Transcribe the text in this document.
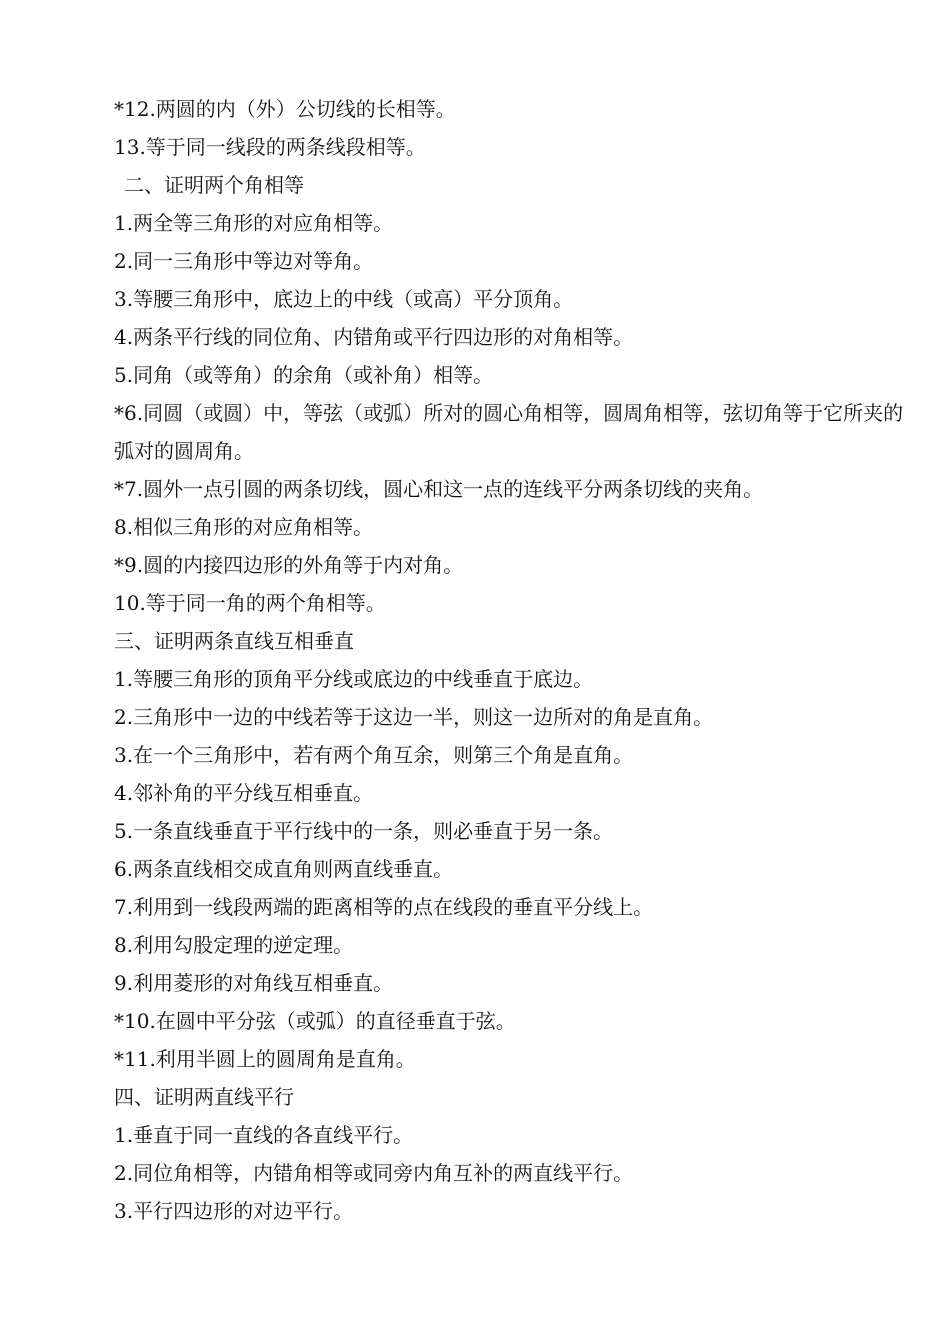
*12.两圆的内（外）公切线的长相等。
13.等于同一线段的两条线段相等。
二、证明两个角相等
1.两全等三角形的对应角相等。
2.同一三角形中等边对等角。
3.等腰三角形中，底边上的中线（或高）平分顶角。
4.两条平行线的同位角、内错角或平行四边形的对角相等。
5.同角（或等角）的余角（或补角）相等。
*6.同圆（或圆）中，等弦（或弧）所对的圆心角相等，圆周角相等，弦切角等于它所夹的弧对的圆周角。
*7.圆外一点引圆的两条切线，圆心和这一点的连线平分两条切线的夹角。
8.相似三角形的对应角相等。
*9.圆的内接四边形的外角等于内对角。
10.等于同一角的两个角相等。
三、证明两条直线互相垂直
1.等腰三角形的顶角平分线或底边的中线垂直于底边。
2.三角形中一边的中线若等于这边一半，则这一边所对的角是直角。
3.在一个三角形中，若有两个角互余，则第三个角是直角。
4.邻补角的平分线互相垂直。
5.一条直线垂直于平行线中的一条，则必垂直于另一条。
6.两条直线相交成直角则两直线垂直。
7.利用到一线段两端的距离相等的点在线段的垂直平分线上。
8.利用勾股定理的逆定理。
9.利用菱形的对角线互相垂直。
*10.在圆中平分弦（或弧）的直径垂直于弦。
*11.利用半圆上的圆周角是直角。
四、证明两直线平行
1.垂直于同一直线的各直线平行。
2.同位角相等，内错角相等或同旁内角互补的两直线平行。
3.平行四边形的对边平行。
